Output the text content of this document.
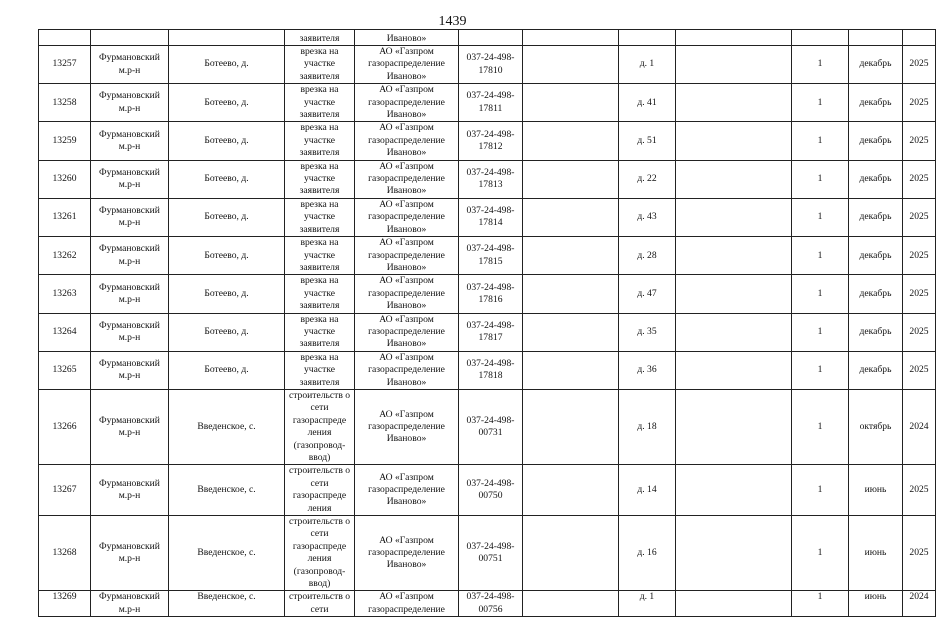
1439
			заявителя	Иваново»							
13257	Фурмановский м.р-н	Ботеево, д.	врезка на участке заявителя	АО «Газпром газораспределение Иваново»	037-24-498-17810		д. 1		1	декабрь	2025
13258	Фурмановский м.р-н	Ботеево, д.	врезка на участке заявителя	АО «Газпром газораспределение Иваново»	037-24-498-17811		д. 41		1	декабрь	2025
13259	Фурмановский м.р-н	Ботеево, д.	врезка на участке заявителя	АО «Газпром газораспределение Иваново»	037-24-498-17812		д. 51		1	декабрь	2025
13260	Фурмановский м.р-н	Ботеево, д.	врезка на участке заявителя	АО «Газпром газораспределение Иваново»	037-24-498-17813		д. 22		1	декабрь	2025
13261	Фурмановский м.р-н	Ботеево, д.	врезка на участке заявителя	АО «Газпром газораспределение Иваново»	037-24-498-17814		д. 43		1	декабрь	2025
13262	Фурмановский м.р-н	Ботеево, д.	врезка на участке заявителя	АО «Газпром газораспределение Иваново»	037-24-498-17815		д. 28		1	декабрь	2025
13263	Фурмановский м.р-н	Ботеево, д.	врезка на участке заявителя	АО «Газпром газораспределение Иваново»	037-24-498-17816		д. 47		1	декабрь	2025
13264	Фурмановский м.р-н	Ботеево, д.	врезка на участке заявителя	АО «Газпром газораспределение Иваново»	037-24-498-17817		д. 35		1	декабрь	2025
13265	Фурмановский м.р-н	Ботеево, д.	врезка на участке заявителя	АО «Газпром газораспределение Иваново»	037-24-498-17818		д. 36		1	декабрь	2025
13266	Фурмановский м.р-н	Введенское, с.	строительств о сети газораспреде ления (газопровод-ввод)	АО «Газпром газораспределение Иваново»	037-24-498-00731		д. 18		1	октябрь	2024
13267	Фурмановский м.р-н	Введенское, с.	строительств о сети газораспреде ления	АО «Газпром газораспределение Иваново»	037-24-498-00750		д. 14		1	июнь	2025
13268	Фурмановский м.р-н	Введенское, с.	строительств о сети газораспреде ления (газопровод-ввод)	АО «Газпром газораспределение Иваново»	037-24-498-00751		д. 16		1	июнь	2025
13269	Фурмановский м.р-н	Введенское, с.	строительств о сети	АО «Газпром газораспределение	037-24-498-00756		д. 1		1	июнь	2024
